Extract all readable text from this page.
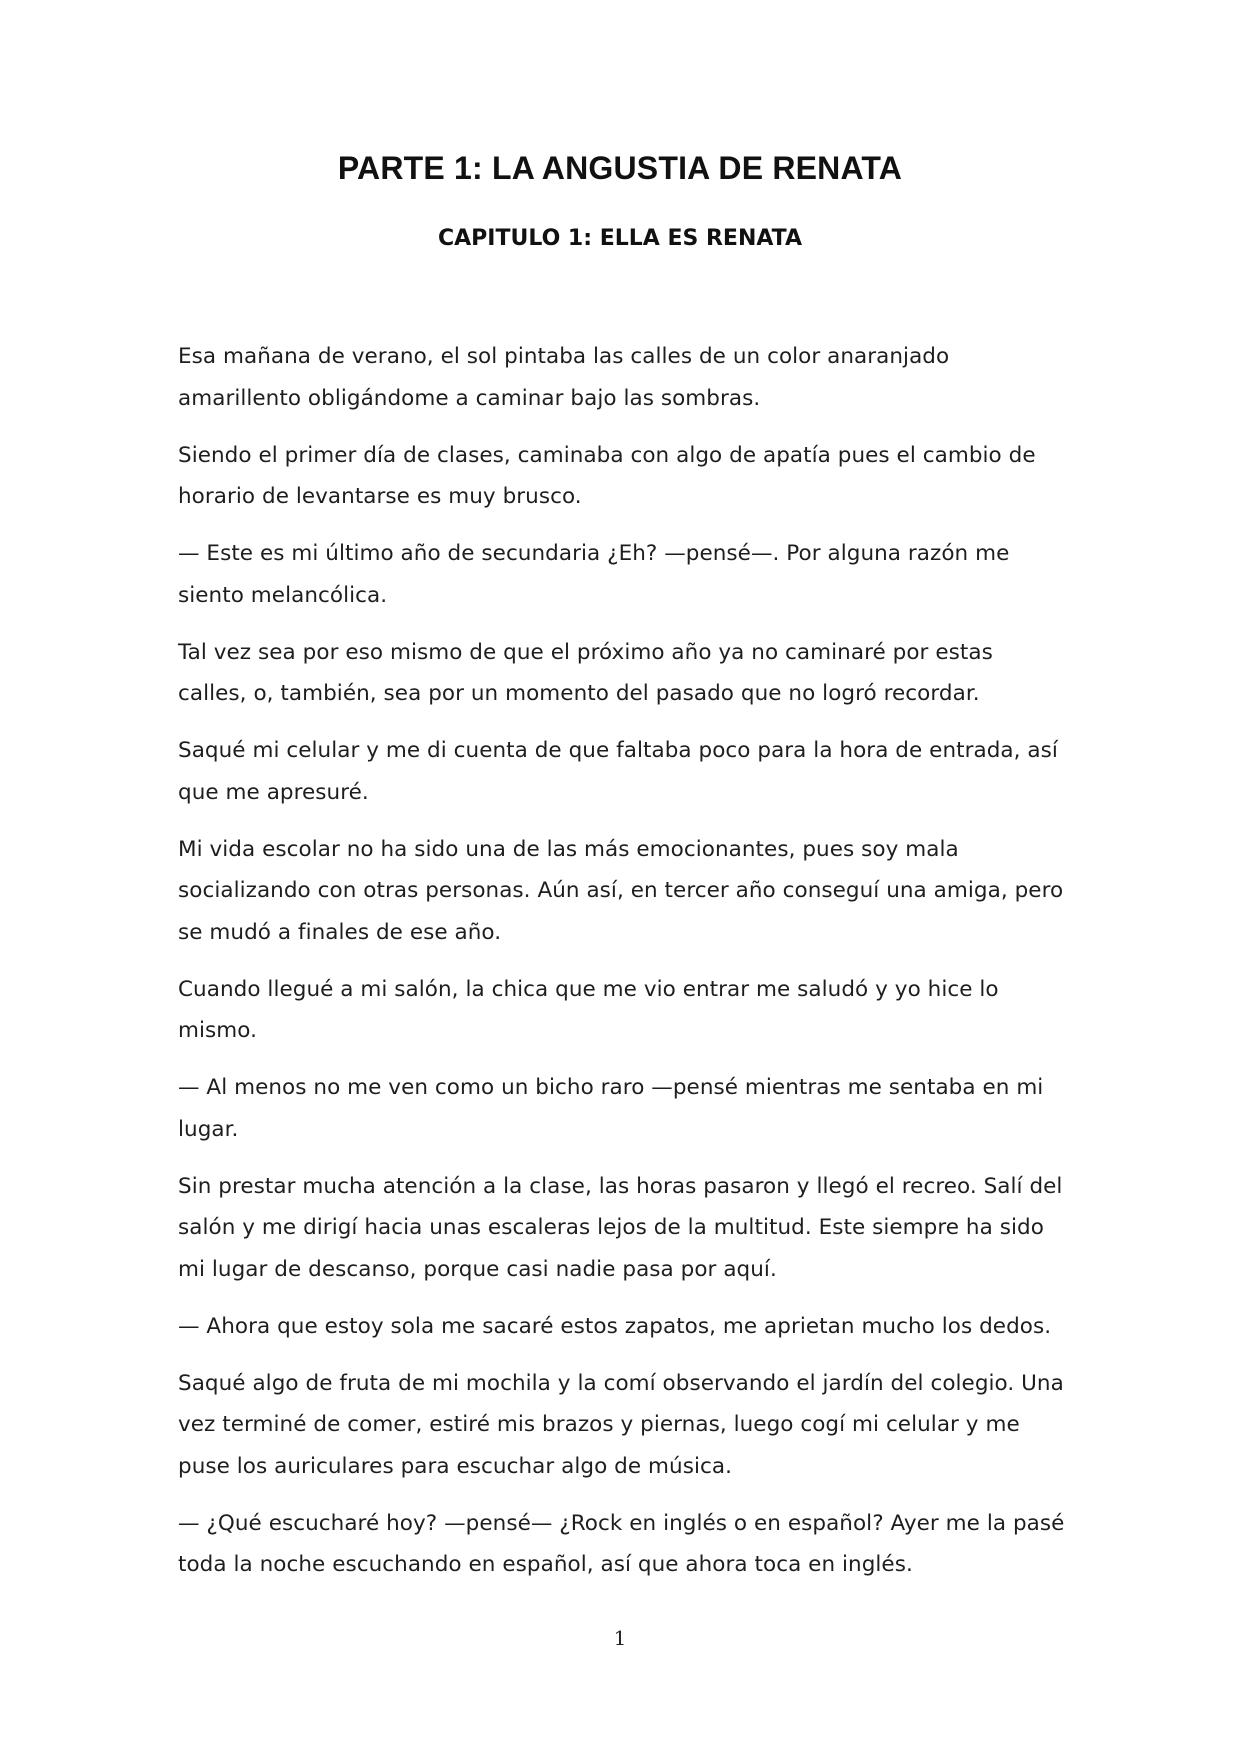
PARTE 1: LA ANGUSTIA DE RENATA
CAPITULO 1: ELLA ES RENATA

Esa mañana de verano, el sol pintaba las calles de un color anaranjado amarillento obligándome a caminar bajo las sombras.

Siendo el primer día de clases, caminaba con algo de apatía pues el cambio de horario de levantarse es muy brusco.

— Este es mi último año de secundaria ¿Eh? —pensé—. Por alguna razón me siento melancólica.

Tal vez sea por eso mismo de que el próximo año ya no caminaré por estas calles, o, también, sea por un momento del pasado que no logró recordar.

Saqué mi celular y me di cuenta de que faltaba poco para la hora de entrada, así que me apresuré.

Mi vida escolar no ha sido una de las más emocionantes, pues soy mala socializando con otras personas. Aún así, en tercer año conseguí una amiga, pero se mudó a finales de ese año.

Cuando llegué a mi salón, la chica que me vio entrar me saludó y yo hice lo mismo.

— Al menos no me ven como un bicho raro —pensé mientras me sentaba en mi lugar.

Sin prestar mucha atención a la clase, las horas pasaron y llegó el recreo. Salí del salón y me dirigí hacia unas escaleras lejos de la multitud. Este siempre ha sido mi lugar de descanso, porque casi nadie pasa por aquí.

— Ahora que estoy sola me sacaré estos zapatos, me aprietan mucho los dedos.

Saqué algo de fruta de mi mochila y la comí observando el jardín del colegio. Una vez terminé de comer, estiré mis brazos y piernas, luego cogí mi celular y me puse los auriculares para escuchar algo de música.

— ¿Qué escucharé hoy? —pensé— ¿Rock en inglés o en español? Ayer me la pasé toda la noche escuchando en español, así que ahora toca en inglés.

1
